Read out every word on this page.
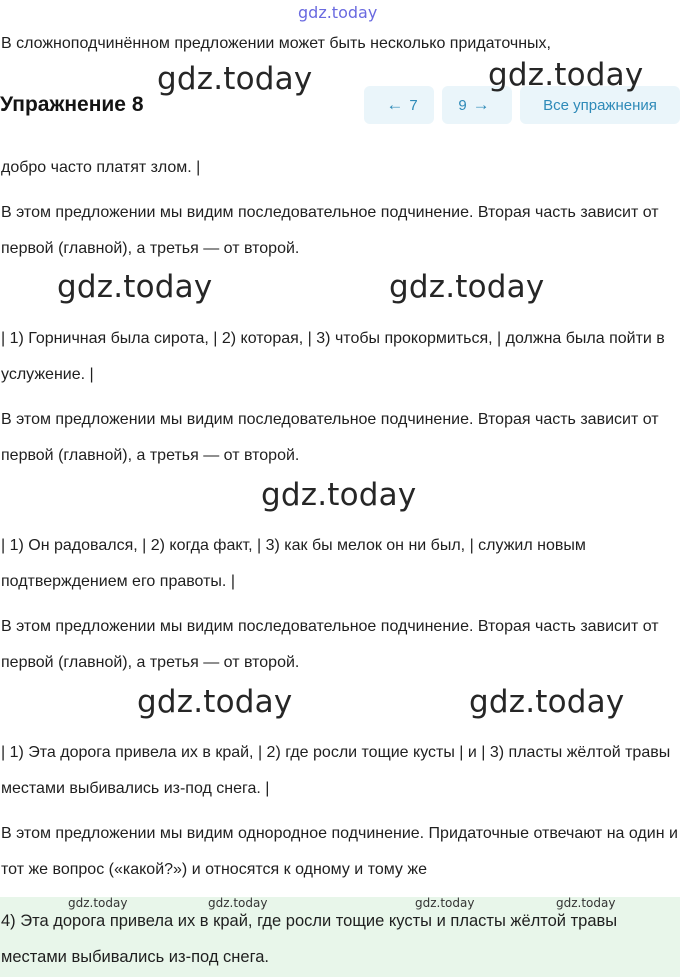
gdz.today

В сложноподчинённом предложении может быть несколько придаточных,

Упражнение 8	← 7	9 →	Все упражнения
gdz.today	gdz.today

добро часто платят злом. |

В этом предложении мы видим последовательное подчинение. Вторая часть зависит от первой (главной), а третья — от второй.

gdz.today	gdz.today

| 1) Горничная была сирота, | 2) которая, | 3) чтобы прокормиться, | должна была пойти в услужение. |

В этом предложении мы видим последовательное подчинение. Вторая часть зависит от первой (главной), а третья — от второй.

gdz.today

| 1) Он радовался, | 2) когда факт, | 3) как бы мелок он ни был, | служил новым подтверждением его правоты. |

В этом предложении мы видим последовательное подчинение. Вторая часть зависит от первой (главной), а третья — от второй.

gdz.today	gdz.today

| 1) Эта дорога привела их в край, | 2) где росли тощие кусты | и | 3) пласты жёлтой травы местами выбивались из-под снега. |

В этом предложении мы видим однородное подчинение. Придаточные отвечают на один и тот же вопрос («какой?») и относятся к одному и тому же

4) Эта дорога привела их в край, где росли тощие кусты и пласты жёлтой травы местами выбивались из-под снега.

gdz.today	gdz.today	gdz.today	gdz.today
